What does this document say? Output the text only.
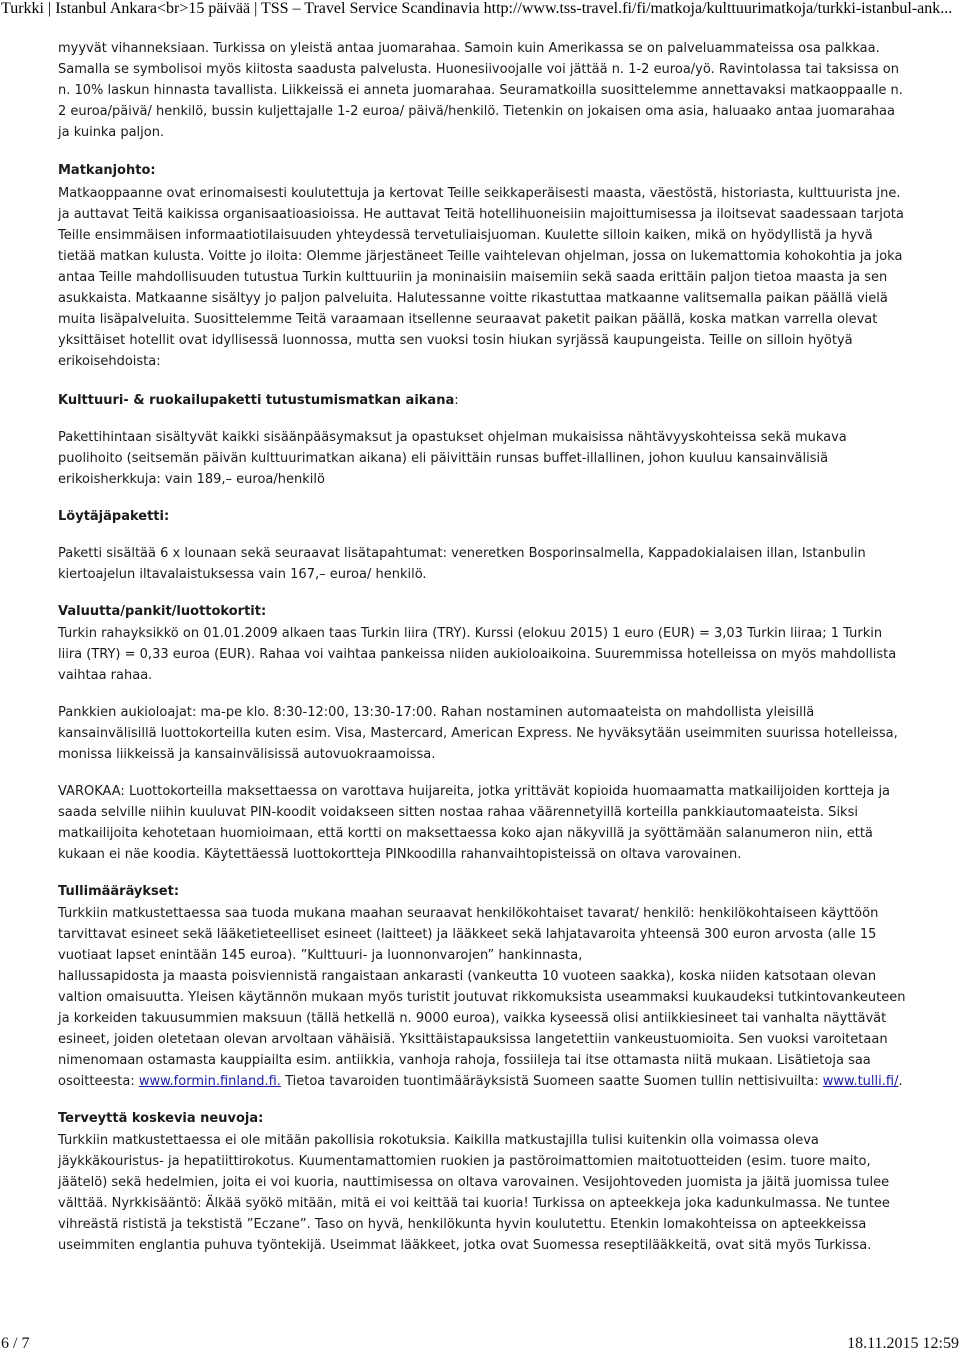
Turkki | Istanbul Ankara<br>15 päivää | TSS – Travel Service Scandinavia http://www.tss-travel.fi/fi/matkoja/kulttuurimatkoja/turkki-istanbul-ank...

myyvät vihanneksiaan. Turkissa on yleistä antaa juomarahaa. Samoin kuin Amerikassa se on palveluammateissa osa palkkaa. Samalla se symbolisoi myös kiitosta saadusta palvelusta. Huonesiivoojalle voi jättää n. 1-2 euroa/yö. Ravintolassa tai taksissa on n. 10% laskun hinnasta tavallista. Liikkeissä ei anneta juomarahaa. Seuramatkoilla suosittelemme annettavaksi matkaoppaalle n. 2 euroa/päivä/ henkilö, bussin kuljettajalle 1-2 euroa/ päivä/henkilö. Tietenkin on jokaisen oma asia, haluaako antaa juomarahaa ja kuinka paljon.

Matkanjohto:

Matkaoppaanne ovat erinomaisesti koulutettuja ja kertovat Teille seikkaperäisesti maasta, väestöstä, historiasta, kulttuurista jne. ja auttavat Teitä kaikissa organisaatioasioissa. He auttavat Teitä hotellihuoneisiin majoittumisessa ja iloitsevat saadessaan tarjota Teille ensimmäisen informaatiotilaisuuden yhteydessä tervetuliaisjuoman. Kuulette silloin kaiken, mikä on hyödyllistä ja hyvä tietää matkan kulusta. Voitte jo iloita: Olemme järjestäneet Teille vaihtelevan ohjelman, jossa on lukemattomia kohokohtia ja joka antaa Teille mahdollisuuden tutustua Turkin kulttuuriin ja moninaisiin maisemiin sekä saada erittäin paljon tietoa maasta ja sen asukkaista. Matkaanne sisältyy jo paljon palveluita. Halutessanne voitte rikastuttaa matkaanne valitsemalla paikan päällä vielä muita lisäpalveluita. Suosittelemme Teitä varaamaan itsellenne seuraavat paketit paikan päällä, koska matkan varrella olevat yksittäiset hotellit ovat idyllisessä luonnossa, mutta sen vuoksi tosin hiukan syrjässä kaupungeista. Teille on silloin hyötyä erikoisehdoista:

Kulttuuri- & ruokailupaketti tutustumismatkan aikana:

Pakettihintaan sisältyvät kaikki sisäänpääsymaksut ja opastukset ohjelman mukaisissa nähtävyyskohteissa sekä mukava puolihoito (seitsemän päivän kulttuurimatkan aikana) eli päivittäin runsas buffet-illallinen, johon kuuluu kansainvälisiä erikoisherkkuja: vain 189,– euroa/henkilö

Löytäjäpaketti:

Paketti sisältää 6 x lounaan sekä seuraavat lisätapahtumat: veneretken Bosporinsalmella, Kappadokialaisen illan, Istanbulin kiertoajelun iltavalaistuksessa vain 167,– euroa/ henkilö.

Valuutta/pankit/luottokortit:

Turkin rahayksikkö on 01.01.2009 alkaen taas Turkin liira (TRY). Kurssi (elokuu 2015) 1 euro (EUR) = 3,03 Turkin liiraa; 1 Turkin liira (TRY) = 0,33 euroa (EUR). Rahaa voi vaihtaa pankeissa niiden aukioloaikoina. Suuremmissa hotelleissa on myös mahdollista vaihtaa rahaa.

Pankkien aukioloajat: ma-pe klo. 8:30-12:00, 13:30-17:00. Rahan nostaminen automaateista on mahdollista yleisillä kansainvälisillä luottokorteilla kuten esim. Visa, Mastercard, American Express. Ne hyväksytään useimmiten suurissa hotelleissa, monissa liikkeissä ja kansainvälisissä autovuokraamoissa.

VAROKAA: Luottokorteilla maksettaessa on varottava huijareita, jotka yrittävät kopioida huomaamatta matkailijoiden kortteja ja saada selville niihin kuuluvat PIN-koodit voidakseen sitten nostaa rahaa väärennetyillä korteilla pankkiautomaateista. Siksi matkailijoita kehotetaan huomioimaan, että kortti on maksettaessa koko ajan näkyvillä ja syöttämään salanumeron niin, että kukaan ei näe koodia. Käytettäessä luottokortteja PINkoodilla rahanvaihtopisteissä on oltava varovainen.

Tullimääräykset:

Turkkiin matkustettaessa saa tuoda mukana maahan seuraavat henkilökohtaiset tavarat/ henkilö: henkilökohtaiseen käyttöön tarvittavat esineet sekä lääketieteelliset esineet (laitteet) ja lääkkeet sekä lahjatavaroita yhteensä 300 euron arvosta (alle 15 vuotiaat lapset enintään 145 euroa). ”Kulttuuri- ja luonnonvarojen” hankinnasta,

hallussapidosta ja maasta poisviennistä rangaistaan ankarasti (vankeutta 10 vuoteen saakka), koska niiden katsotaan olevan valtion omaisuutta. Yleisen käytännön mukaan myös turistit joutuvat rikkomuksista useammaksi kuukaudeksi tutkintovankeuteen ja korkeiden takuusummien maksuun (tällä hetkellä n. 9000 euroa), vaikka kyseessä olisi antiikkiesineet tai vanhalta näyttävät esineet, joiden oletetaan olevan arvoltaan vähäisiä. Yksittäistapauksissa langetettiin vankeustuomioita. Sen vuoksi varoitetaan nimenomaan ostamasta kauppiailta esim. antiikkia, vanhoja rahoja, fossiileja tai itse ottamasta niitä mukaan. Lisätietoja saa osoitteesta: www.formin.finland.fi. Tietoa tavaroiden tuontimääräyksistä Suomeen saatte Suomen tullin nettisivuilta: www.tulli.fi/.

Terveyttä koskevia neuvoja:

Turkkiin matkustettaessa ei ole mitään pakollisia rokotuksia. Kaikilla matkustajilla tulisi kuitenkin olla voimassa oleva jäykkäkouristus- ja hepatiittirokotus. Kuumentamattomien ruokien ja pastöroimattomien maitotuotteiden (esim. tuore maito, jäätelö) sekä hedelmien, joita ei voi kuoria, nauttimisessa on oltava varovainen. Vesijohtoveden juomista ja jäitä juomissa tulee välttää. Nyrkkisääntö: Älkää syökö mitään, mitä ei voi keittää tai kuoria! Turkissa on apteekkeja joka kadunkulmassa. Ne tuntee vihreästä rististä ja tekstistä ”Eczane”. Taso on hyvä, henkilökunta hyvin koulutettu. Etenkin lomakohteissa on apteekkeissa useimmiten englantia puhuva työntekijä. Useimmat lääkkeet, jotka ovat Suomessa reseptilääkkeitä, ovat sitä myös Turkissa.

6 / 7	18.11.2015 12:59
